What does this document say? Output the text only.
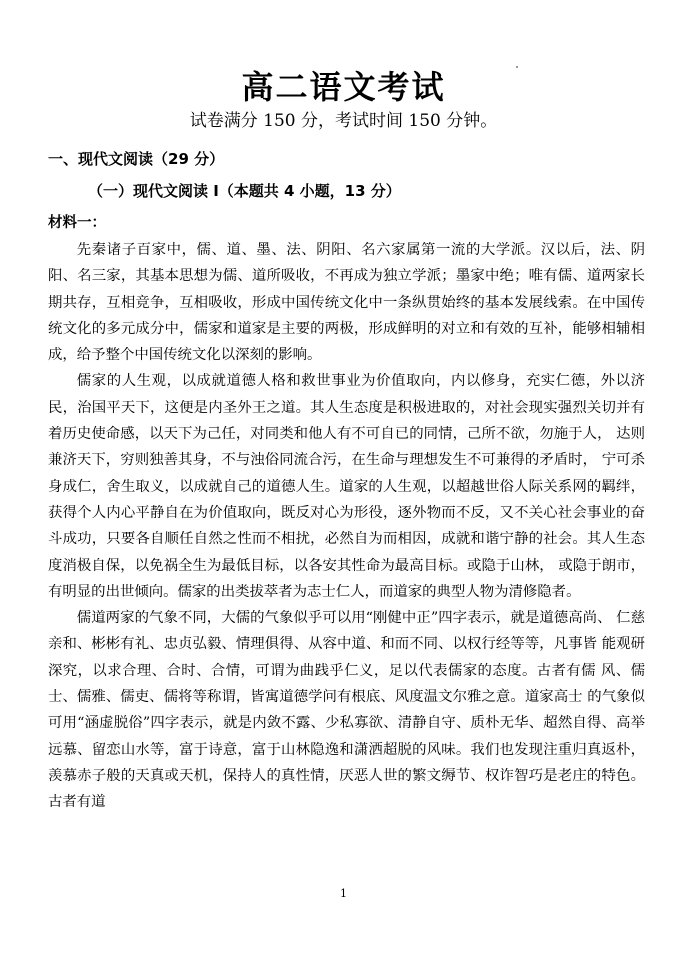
高二语文考试
试卷满分 150 分，考试时间 150 分钟。
一、现代文阅读（29 分）
（一）现代文阅读 I（本题共 4 小题，13 分）
材料一：

先秦诸子百家中，儒、道、墨、法、阴阳、名六家属第一流的大学派。汉以后，法、阴阳、名三家，其基本思想为儒、道所吸收，不再成为独立学派；墨家中绝；唯有儒、道两家长期共存，互相竞争，互相吸收，形成中国传统文化中一条纵贯始终的基本发展线索。在中国传统文化的多元成分中，儒家和道家是主要的两极，形成鲜明的对立和有效的互补，能够相辅相成，给予整个中国传统文化以深刻的影响。

儒家的人生观，以成就道德人格和救世事业为价值取向，内以修身，充实仁德，外以济民，治国平天下，这便是内圣外王之道。其人生态度是积极进取的，对社会现实强烈关切并有着历史使命感，以天下为己任，对同类和他人有不可自已的同情，己所不欲，勿施于人， 达则兼济天下，穷则独善其身，不与浊俗同流合污，在生命与理想发生不可兼得的矛盾时， 宁可杀身成仁，舍生取义，以成就自己的道德人生。道家的人生观，以超越世俗人际关系网的羁绊，获得个人内心平静自在为价值取向，既反对心为形役，逐外物而不反，又不关心社会事业的奋斗成功，只要各自顺任自然之性而不相扰，必然自为而相因，成就和谐宁静的社会。其人生态度消极自保，以免祸全生为最低目标，以各安其性命为最高目标。或隐于山林， 或隐于朗市，有明显的出世倾向。儒家的出类拔萃者为志士仁人，而道家的典型人物为清修隐者。

儒道两家的气象不同，大儒的气象似乎可以用“刚健中正”四字表示，就是道德高尚、 仁慈亲和、彬彬有礼、忠贞弘毅、情理俱得、从容中道、和而不同、以权行经等等，凡事皆 能观研深究，以求合理、合时、合情，可谓为曲践乎仁义，足以代表儒家的态度。古者有儒 风、儒士、儒雅、儒吏、儒将等称谓，皆寓道德学问有根底、风度温文尔雅之意。道家高士 的气象似可用“涵虚脱俗”四字表示，就是内敛不露、少私寡欲、清静自守、质朴无华、超然自得、高举远慕、留恋山水等，富于诗意，富于山林隐逸和潇洒超脱的风味。我们也发现注重归真返朴，羡慕赤子般的天真或天机，保持人的真性情，厌恶人世的繁文缛节、权诈智巧是老庄的特色。古者有道

1
